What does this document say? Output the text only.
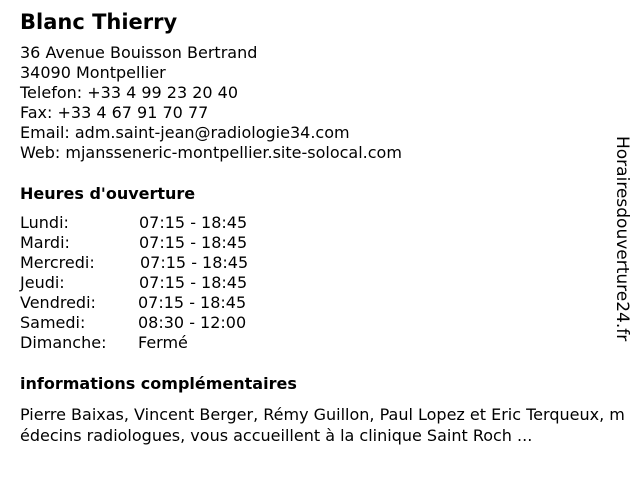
Blanc Thierry
36 Avenue Bouisson Bertrand
34090 Montpellier
Telefon: +33 4 99 23 20 40
Fax: +33 4 67 91 70 77
Email: adm.saint-jean@radiologie34.com
Web: mjansseneric-montpellier.site-solocal.com
Heures d'ouverture
Lundi:	07:15 - 18:45
Mardi:	07:15 - 18:45
Mercredi:	07:15 - 18:45
Jeudi:	07:15 - 18:45
Vendredi:	07:15 - 18:45
Samedi:	08:30 - 12:00
Dimanche: Fermé
informations complémentaires
Pierre Baixas, Vincent Berger, Rémy Guillon, Paul Lopez et Eric Terqueux, médecins radiologues, vous accueillent à la clinique Saint Roch ...
Horairesdouverture24.fr
